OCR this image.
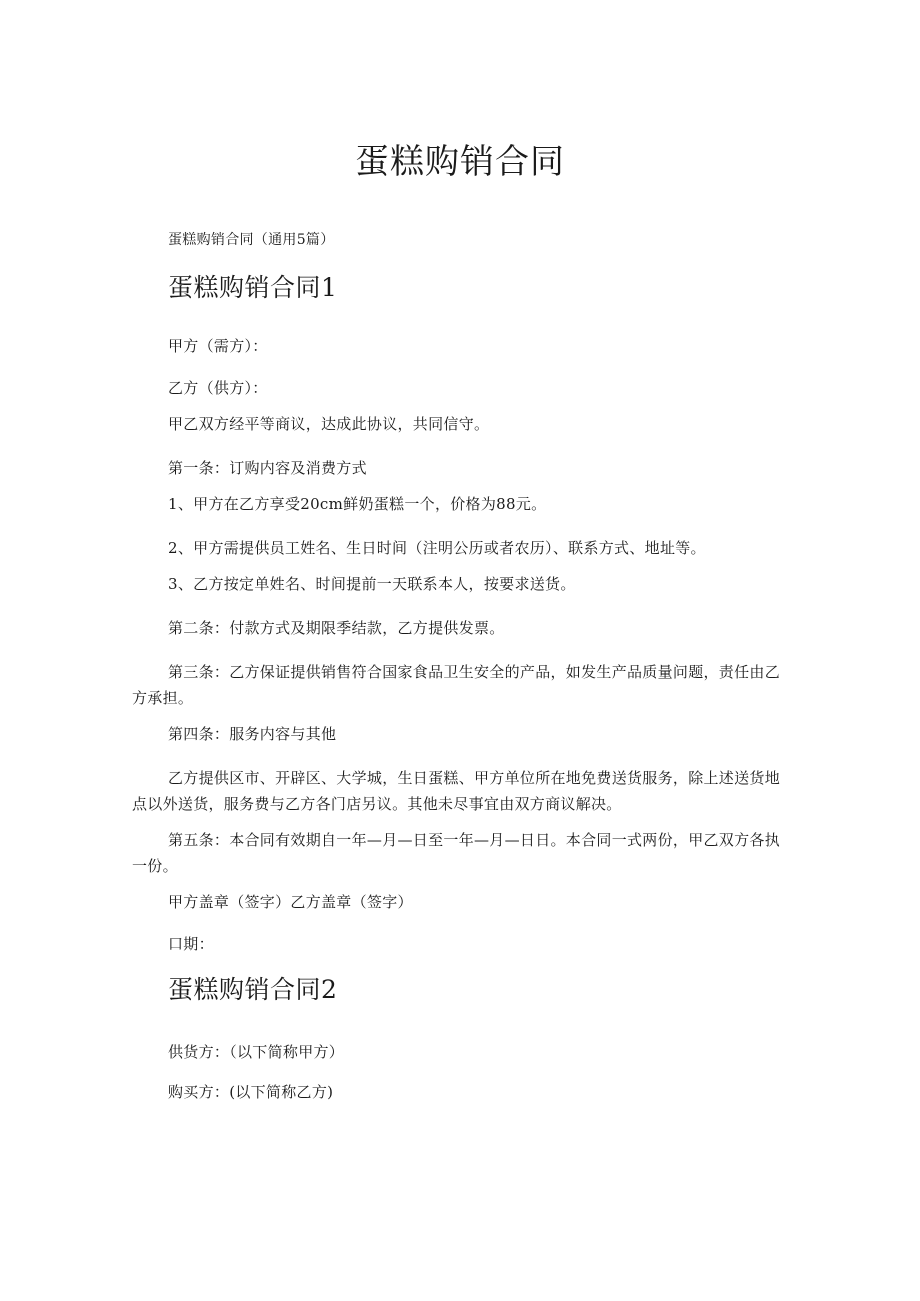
蛋糕购销合同
蛋糕购销合同（通用5篇）
蛋糕购销合同1
甲方（需方）：
乙方（供方）：
甲乙双方经平等商议，达成此协议，共同信守。
第一条：订购内容及消费方式
1、甲方在乙方享受20cm鲜奶蛋糕一个，价格为88元。
2、甲方需提供员工姓名、生日时间（注明公历或者农历）、联系方式、地址等。
3、乙方按定单姓名、时间提前一天联系本人，按要求送货。
第二条：付款方式及期限季结款，乙方提供发票。
第三条：乙方保证提供销售符合国家食品卫生安全的产品，如发生产品质量问题，责任由乙
方承担。
第四条：服务内容与其他
乙方提供区市、开辟区、大学城，生日蛋糕、甲方单位所在地免费送货服务，除上述送货地
点以外送货，服务费与乙方各门店另议。其他未尽事宜由双方商议解决。
第五条：本合同有效期自一年—月—日至一年—月—日日。本合同一式两份，甲乙双方各执
一份。
甲方盖章（签字）乙方盖章（签字）
口期：
蛋糕购销合同2
供货方：（以下简称甲方）
购买方：(以下简称乙方)
